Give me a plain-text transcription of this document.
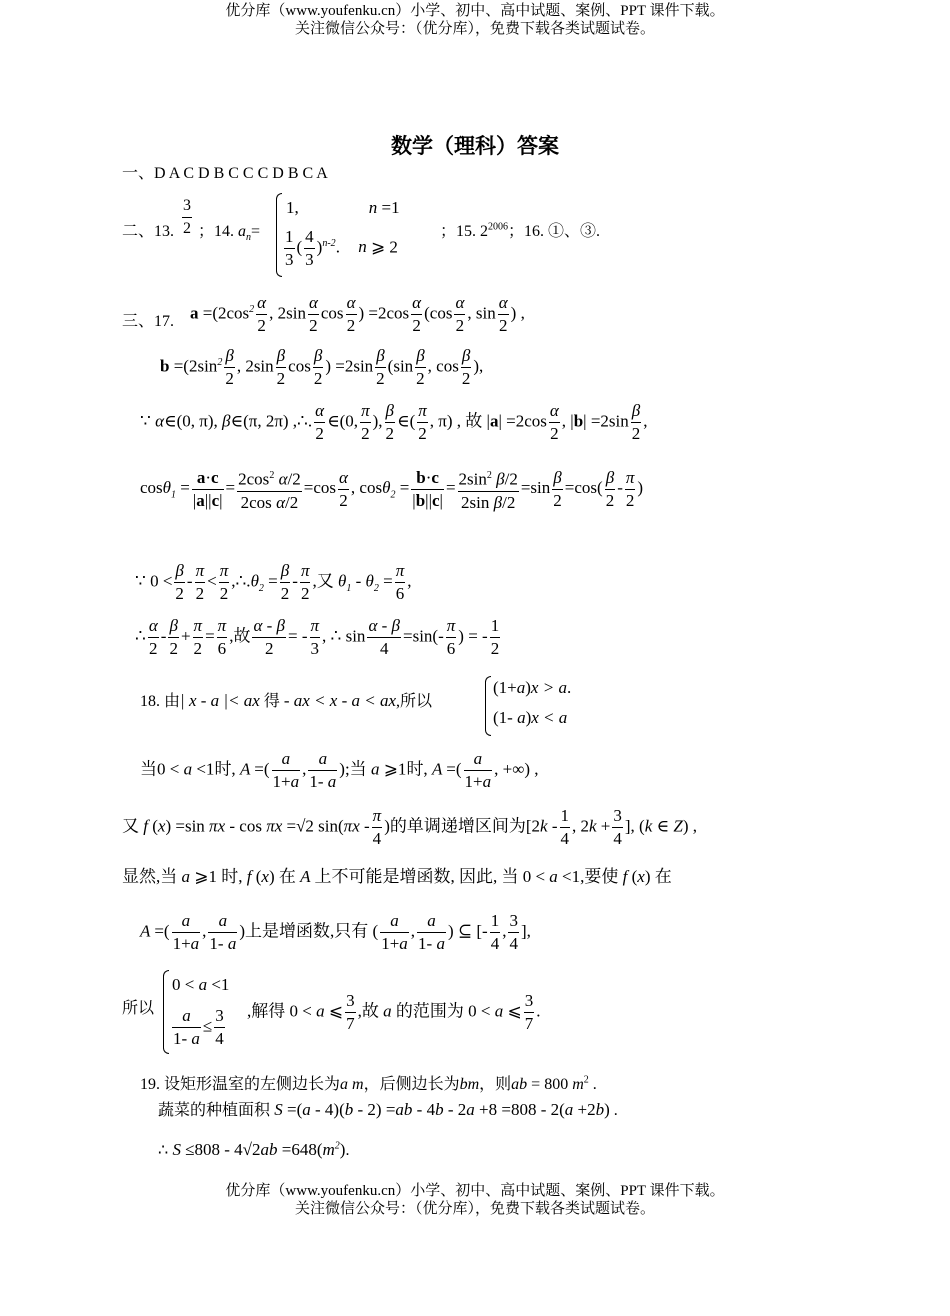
优分库（www.youfenku.cn）小学、初中、高中试题、案例、PPT 课件下载。
关注微信公众号：（优分库），免费下载各类试题试卷。
数学（理科）答案
一、D A C D B C C C D B C A
二、13. $\frac{3}{2}$ ；14. $a_n=$
1,	n =1
$\frac{1}{3}$ ( $\frac{4}{3} )^{n-2}$. n ⩾ 2
；15. $2^{2006}$；16. ①、③.
三、17. $a =(2\cos^2 \frac{\alpha}{2}$ , $2\sin \frac{\alpha}{2}$ $\cos \frac{\alpha}{2}$ ) $=2\cos \frac{\alpha}{2} (\cos \frac{\alpha}{2}$ , $\sin \frac{\alpha}{2}$ ) ,
$b =(2\sin^2 \frac{\beta}{2}$ , $2\sin \frac{\beta}{2}$ $\cos \frac{\beta}{2}$ ) $=2\sin \frac{\beta}{2} (\sin \frac{\beta}{2}$ , $\cos \frac{\beta}{2}$ ),
∵ α∈(0, π), β∈(π, 2π) ,∴. $\frac{\alpha}{2}$ ∈(0, $\frac{\pi}{2}$ ), $\frac{\beta}{2}$ ∈( $\frac{\pi}{2}$ , π) , 故 $|a| =2\cos \frac{\alpha}{2}$ , $|b| =2\sin \frac{\beta}{2}$ ,
$\cos\theta_1 = \frac{a\cdot c}{|a||c|} = \frac{2\cos^2 \alpha/2}{\text{2cos α/2}} =\cos \frac{\alpha}{2}$ , $\cos\theta_2 = \frac{b\cdot c}{|b||c|} = \frac{2\sin^2 \beta/2}{\text{2sin β/2}} =\sin \frac{\beta}{2} =\cos( \frac{\beta}{2} - \frac{\pi}{2}$ )
∵ $0 < \frac{\beta}{2} - \frac{\pi}{2} < \frac{\pi}{2}$ $,\therefore.\theta_2 = \frac{\beta}{2} - \frac{\pi}{2}$ ,又 $\theta_1 - \theta_2 = \frac{\pi}{6}$ ,
∴ $\frac{\alpha}{2} - \frac{\beta}{2} + \frac{\pi}{2} = \frac{\pi}{6}$ ,故 $\frac{\alpha - \beta}{2}$ = - $\frac{\pi}{3}$ , ∴ $\sin \frac{\alpha - \beta}{4} =\sin(- \frac{\pi}{6}$ ) = - $\frac{1}{2}$
18. 由| x - a |< ax 得 - ax < x - a < ax,所以
(1+a)x > a.
(1- a)x < a
当0 < a <1时, A =( $\frac{a}{1+a}$ , $\frac{a}{1- a}$ );当 a ⩾1时, A =( $\frac{a}{1+a}$ , +∞) ,
又 f (x) =sin πx - cos πx =√2 $\sin(\pi x - \frac{\pi}{4}$ )的单调递增区间为[$2k - \frac{1}{4}$ , $2k + \frac{3}{4}$ ], (k ∈ Z) ,
显然,当 a ⩾1 时, f (x) 在 A 上不可能是增函数, 因此, 当 0 < a <1,要使 f (x) 在
A =( $\frac{a}{1+a}$ , $\frac{a}{1- a}$ )上是增函数,只有 ( $\frac{a}{1+a}$ , $\frac{a}{1- a}$ ) ⊆ [- $\frac{1}{4}$ , $\frac{3}{4}$ ],
所以
0 < a <1
$\frac{a}{1- a} \le \frac{3}{4}$ ,解得 0 < a ⩽ $\frac{3}{7}$ ,故 a 的范围为 0 < a ⩽ $\frac{3}{7}$ .
19. 设矩形温室的左侧边长为a m，后侧边长为bm，则ab = 800 $m^2$ .
蔬菜的种植面积 S =(a - 4)(b - 2) =ab - 4b - 2a +8 =808 - 2(a +2b) .
∴ $S \le 808 - 4√2ab =648(m^2)$.
优分库（www.youfenku.cn）小学、初中、高中试题、案例、PPT 课件下载。
关注微信公众号：（优分库），免费下载各类试题试卷。
